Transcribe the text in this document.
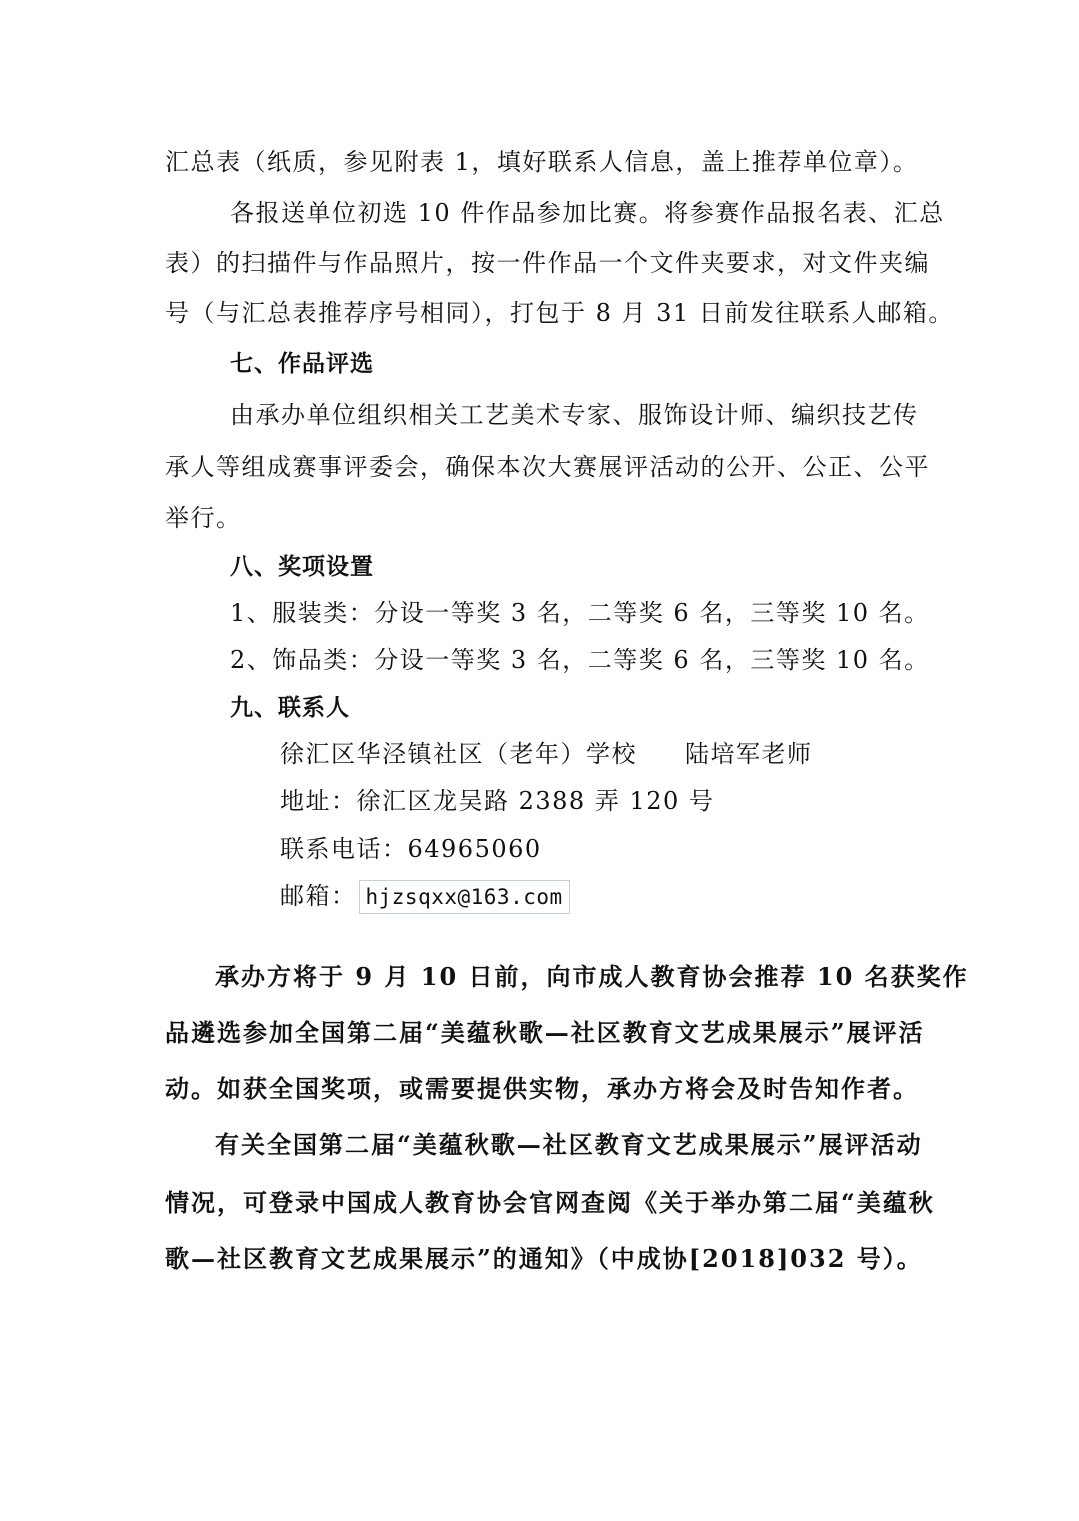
汇总表（纸质，参见附表 1，填好联系人信息，盖上推荐单位章）。
各报送单位初选 10 件作品参加比赛。将参赛作品报名表、汇总
表）的扫描件与作品照片，按一件作品一个文件夹要求，对文件夹编
号（与汇总表推荐序号相同），打包于 8 月 31 日前发往联系人邮箱。
七、作品评选
由承办单位组织相关工艺美术专家、服饰设计师、编织技艺传
承人等组成赛事评委会，确保本次大赛展评活动的公开、公正、公平
举行。
八、奖项设置
1、服装类：分设一等奖 3 名，二等奖 6 名，三等奖 10 名。
2、饰品类：分设一等奖 3 名，二等奖 6 名，三等奖 10 名。
九、联系人
徐汇区华泾镇社区（老年）学校 陆培军老师
地址：徐汇区龙吴路 2388 弄 120 号
联系电话：64965060
邮箱： hjzsqxx@163.com
承办方将于 9 月 10 日前，向市成人教育协会推荐 10 名获奖作
品遴选参加全国第二届“美蕴秋歌—社区教育文艺成果展示”展评活
动。如获全国奖项，或需要提供实物，承办方将会及时告知作者。
有关全国第二届“美蕴秋歌—社区教育文艺成果展示”展评活动
情况，可登录中国成人教育协会官网查阅《关于举办第二届“美蕴秋
歌—社区教育文艺成果展示”的通知》（中成协[2018]032 号）。
